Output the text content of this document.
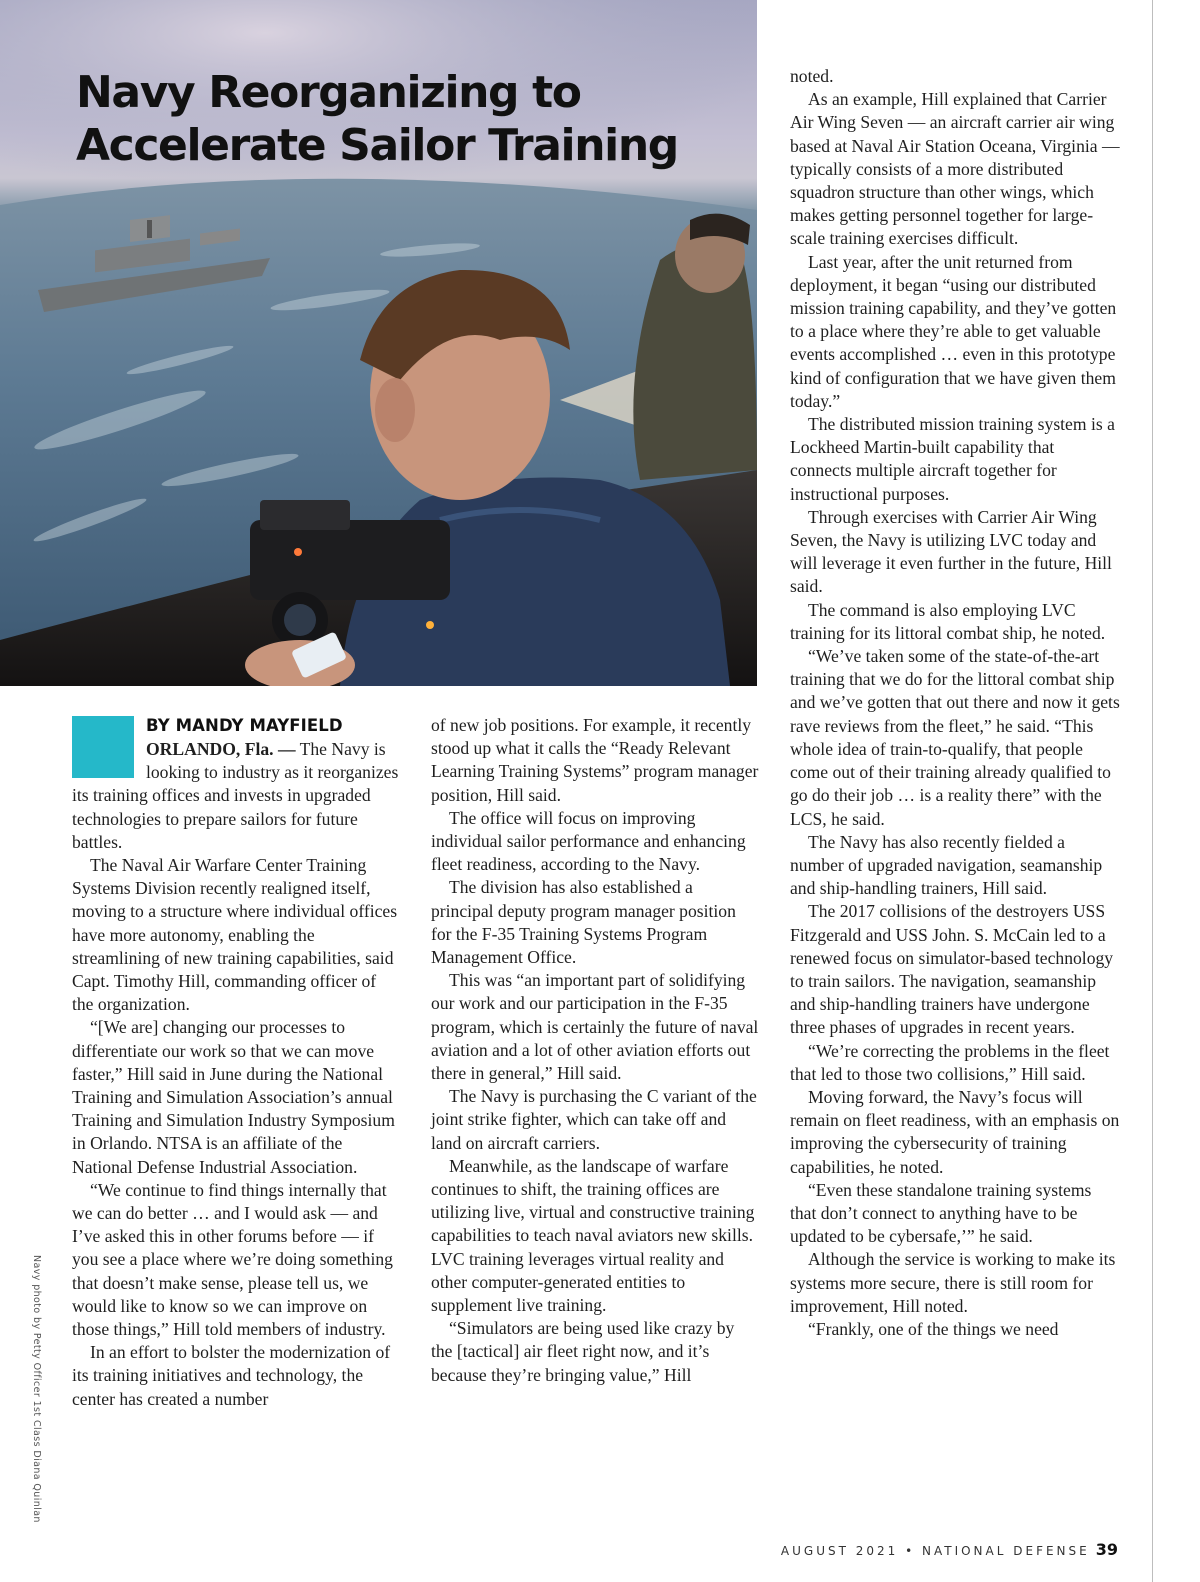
Navy Reorganizing to Accelerate Sailor Training
Navy photo by Petty Officer 1st Class Diana Quinlan
BY MANDY MAYFIELD

ORLANDO, Fla. — The Navy is looking to industry as it reorganizes its training offices and invests in upgraded technologies to prepare sailors for future battles.

The Naval Air Warfare Center Training Systems Division recently realigned itself, moving to a structure where individual offices have more autonomy, enabling the streamlining of new training capabilities, said Capt. Timothy Hill, commanding officer of the organization.

“[We are] changing our processes to differentiate our work so that we can move faster,” Hill said in June during the National Training and Simulation Association’s annual Training and Simulation Industry Symposium in Orlando. NTSA is an affiliate of the National Defense Industrial Association.

“We continue to find things internally that we can do better … and I would ask — and I’ve asked this in other forums before — if you see a place where we’re doing something that doesn’t make sense, please tell us, we would like to know so we can improve on those things,” Hill told members of industry.

In an effort to bolster the modernization of its training initiatives and technology, the center has created a number

of new job positions. For example, it recently stood up what it calls the “Ready Relevant Learning Training Systems” program manager position, Hill said.

The office will focus on improving individual sailor performance and enhancing fleet readiness, according to the Navy.

The division has also established a principal deputy program manager position for the F-35 Training Systems Program Management Office.

This was “an important part of solidifying our work and our participation in the F-35 program, which is certainly the future of naval aviation and a lot of other aviation efforts out there in general,” Hill said.

The Navy is purchasing the C variant of the joint strike fighter, which can take off and land on aircraft carriers.

Meanwhile, as the landscape of warfare continues to shift, the training offices are utilizing live, virtual and constructive training capabilities to teach naval aviators new skills. LVC training leverages virtual reality and other computer-generated entities to supplement live training.

“Simulators are being used like crazy by the [tactical] air fleet right now, and it’s because they’re bringing value,” Hill

noted.

As an example, Hill explained that Carrier Air Wing Seven — an aircraft carrier air wing based at Naval Air Station Oceana, Virginia — typically consists of a more distributed squadron structure than other wings, which makes getting personnel together for large-scale training exercises difficult.

Last year, after the unit returned from deployment, it began “using our distributed mission training capability, and they’ve gotten to a place where they’re able to get valuable events accomplished … even in this prototype kind of configuration that we have given them today.”

The distributed mission training system is a Lockheed Martin-built capability that connects multiple aircraft together for instructional purposes.

Through exercises with Carrier Air Wing Seven, the Navy is utilizing LVC today and will leverage it even further in the future, Hill said.

The command is also employing LVC training for its littoral combat ship, he noted.

“We’ve taken some of the state-of-the-art training that we do for the littoral combat ship and we’ve gotten that out there and now it gets rave reviews from the fleet,” he said. “This whole idea of train-to-qualify, that people come out of their training already qualified to go do their job … is a reality there” with the LCS, he said.

The Navy has also recently fielded a number of upgraded navigation, seamanship and ship-handling trainers, Hill said.

The 2017 collisions of the destroyers USS Fitzgerald and USS John. S. McCain led to a renewed focus on simulator-based technology to train sailors. The navigation, seamanship and ship-handling trainers have undergone three phases of upgrades in recent years.

“We’re correcting the problems in the fleet that led to those two collisions,” Hill said.

Moving forward, the Navy’s focus will remain on fleet readiness, with an emphasis on improving the cybersecurity of training capabilities, he noted.

“Even these standalone training systems that don’t connect to anything have to be updated to be cybersafe,’” he said.

Although the service is working to make its systems more secure, there is still room for improvement, Hill noted.

“Frankly, one of the things we need

AUGUST 2021 • NATIONAL DEFENSE 39
